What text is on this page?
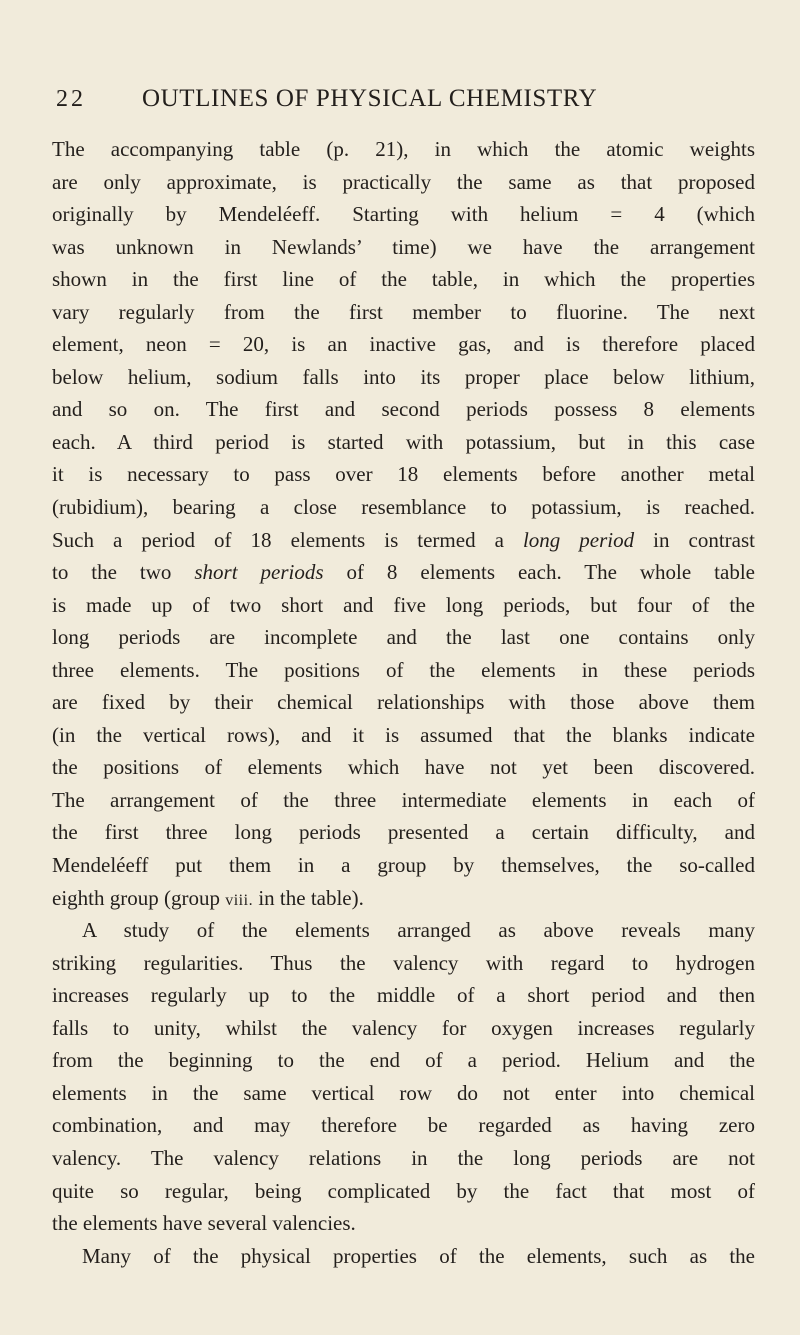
22 OUTLINES OF PHYSICAL CHEMISTRY
The accompanying table (p. 21), in which the atomic weights
are only approximate, is practically the same as that proposed
originally by Mendeléeff. Starting with helium = 4 (which
was unknown in Newlands’ time) we have the arrangement
shown in the first line of the table, in which the properties
vary regularly from the first member to fluorine. The next
element, neon = 20, is an inactive gas, and is therefore placed
below helium, sodium falls into its proper place below lithium,
and so on. The first and second periods possess 8 elements
each. A third period is started with potassium, but in this case
it is necessary to pass over 18 elements before another metal
(rubidium), bearing a close resemblance to potassium, is reached.
Such a period of 18 elements is termed a long period in contrast
to the two short periods of 8 elements each. The whole table
is made up of two short and five long periods, but four of the
long periods are incomplete and the last one contains only
three elements. The positions of the elements in these periods
are fixed by their chemical relationships with those above them
(in the vertical rows), and it is assumed that the blanks indicate
the positions of elements which have not yet been discovered.
The arrangement of the three intermediate elements in each of
the first three long periods presented a certain difficulty, and
Mendeléeff put them in a group by themselves, the so-called
eighth group (group viii. in the table).
A study of the elements arranged as above reveals many
striking regularities. Thus the valency with regard to hydrogen
increases regularly up to the middle of a short period and then
falls to unity, whilst the valency for oxygen increases regularly
from the beginning to the end of a period. Helium and the
elements in the same vertical row do not enter into chemical
combination, and may therefore be regarded as having zero
valency. The valency relations in the long periods are not
quite so regular, being complicated by the fact that most of
the elements have several valencies.
Many of the physical properties of the elements, such as the
